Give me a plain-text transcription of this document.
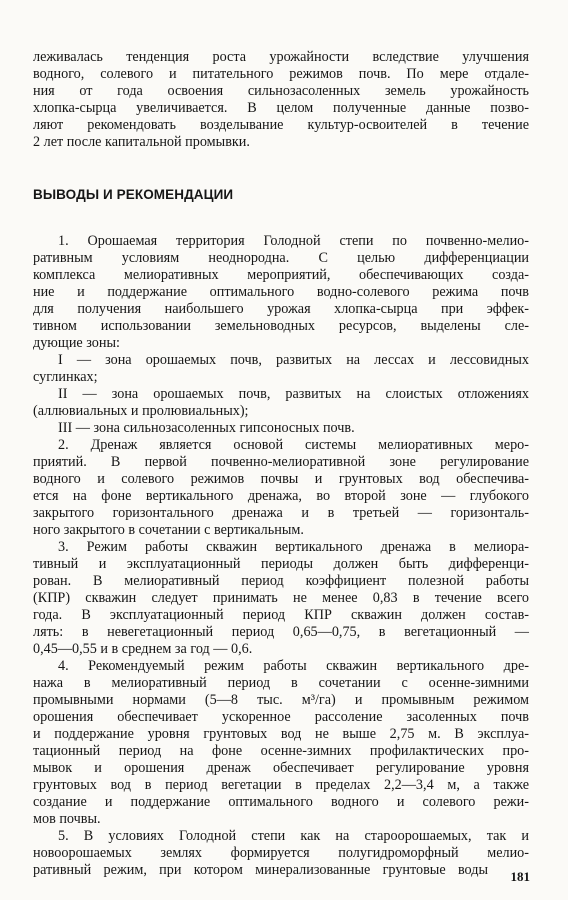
леживалась тенденция роста урожайности вследствие улучшения
водного, солевого и питательного режимов почв. По мере отдале-
ния от года освоения сильнозасоленных земель урожайность
хлопка-сырца увеличивается. В целом полученные данные позво-
ляют рекомендовать возделывание культур-освоителей в течение
2 лет после капитальной промывки.
ВЫВОДЫ И РЕКОМЕНДАЦИИ
1. Орошаемая территория Голодной степи по почвенно-мелио-
ративным условиям неоднородна. С целью дифференциации
комплекса мелиоративных мероприятий, обеспечивающих созда-
ние и поддержание оптимального водно-солевого режима почв
для получения наибольшего урожая хлопка-сырца при эффек-
тивном использовании земельноводных ресурсов, выделены сле-
дующие зоны:
I — зона орошаемых почв, развитых на лессах и лессовидных
суглинках;
II — зона орошаемых почв, развитых на слоистых отложениях
(аллювиальных и пролювиальных);
III — зона сильнозасоленных гипсоносных почв.
2. Дренаж является основой системы мелиоративных меро-
приятий. В первой почвенно-мелиоративной зоне регулирование
водного и солевого режимов почвы и грунтовых вод обеспечива-
ется на фоне вертикального дренажа, во второй зоне — глубокого
закрытого горизонтального дренажа и в третьей — горизонталь-
ного закрытого в сочетании с вертикальным.
3. Режим работы скважин вертикального дренажа в мелиора-
тивный и эксплуатационный периоды должен быть дифференци-
рован. В мелиоративный период коэффициент полезной работы
(КПР) скважин следует принимать не менее 0,83 в течение всего
года. В эксплуатационный период КПР скважин должен состав-
лять: в невегетационный период 0,65—0,75, в вегетационный —
0,45—0,55 и в среднем за год — 0,6.
4. Рекомендуемый режим работы скважин вертикального дре-
нажа в мелиоративный период в сочетании с осенне-зимними
промывными нормами (5—8 тыс. м³/га) и промывным режимом
орошения обеспечивает ускоренное рассоление засоленных почв
и поддержание уровня грунтовых вод не выше 2,75 м. В эксплуа-
тационный период на фоне осенне-зимних профилактических про-
мывок и орошения дренаж обеспечивает регулирование уровня
грунтовых вод в период вегетации в пределах 2,2—3,4 м, а также
создание и поддержание оптимального водного и солевого режи-
мов почвы.
5. В условиях Голодной степи как на староорошаемых, так и
новоорошаемых землях формируется полугидроморфный мелио-
ративный режим, при котором минерализованные грунтовые воды 181
